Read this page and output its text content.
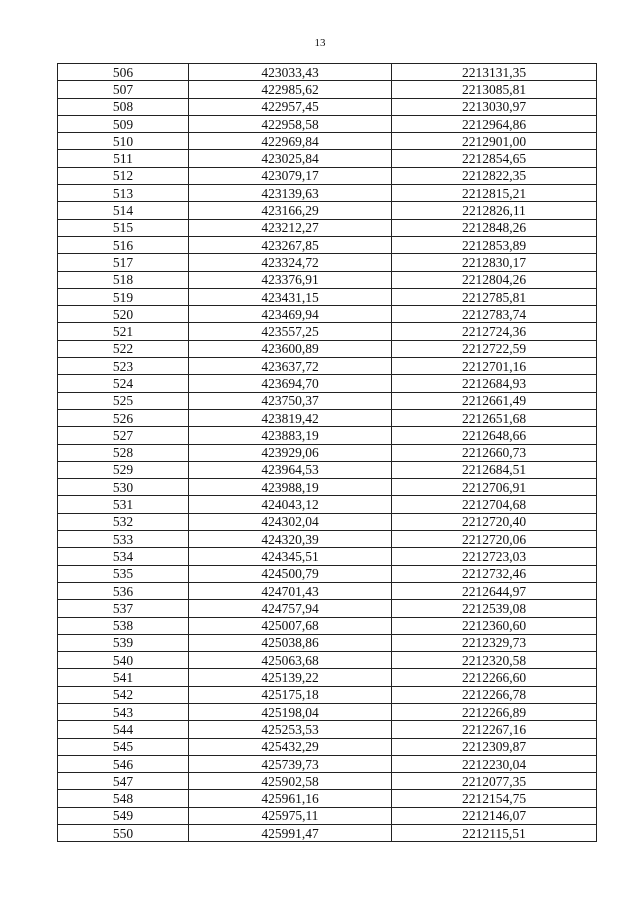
13
506	423033,43	2213131,35
507	422985,62	2213085,81
508	422957,45	2213030,97
509	422958,58	2212964,86
510	422969,84	2212901,00
511	423025,84	2212854,65
512	423079,17	2212822,35
513	423139,63	2212815,21
514	423166,29	2212826,11
515	423212,27	2212848,26
516	423267,85	2212853,89
517	423324,72	2212830,17
518	423376,91	2212804,26
519	423431,15	2212785,81
520	423469,94	2212783,74
521	423557,25	2212724,36
522	423600,89	2212722,59
523	423637,72	2212701,16
524	423694,70	2212684,93
525	423750,37	2212661,49
526	423819,42	2212651,68
527	423883,19	2212648,66
528	423929,06	2212660,73
529	423964,53	2212684,51
530	423988,19	2212706,91
531	424043,12	2212704,68
532	424302,04	2212720,40
533	424320,39	2212720,06
534	424345,51	2212723,03
535	424500,79	2212732,46
536	424701,43	2212644,97
537	424757,94	2212539,08
538	425007,68	2212360,60
539	425038,86	2212329,73
540	425063,68	2212320,58
541	425139,22	2212266,60
542	425175,18	2212266,78
543	425198,04	2212266,89
544	425253,53	2212267,16
545	425432,29	2212309,87
546	425739,73	2212230,04
547	425902,58	2212077,35
548	425961,16	2212154,75
549	425975,11	2212146,07
550	425991,47	2212115,51
